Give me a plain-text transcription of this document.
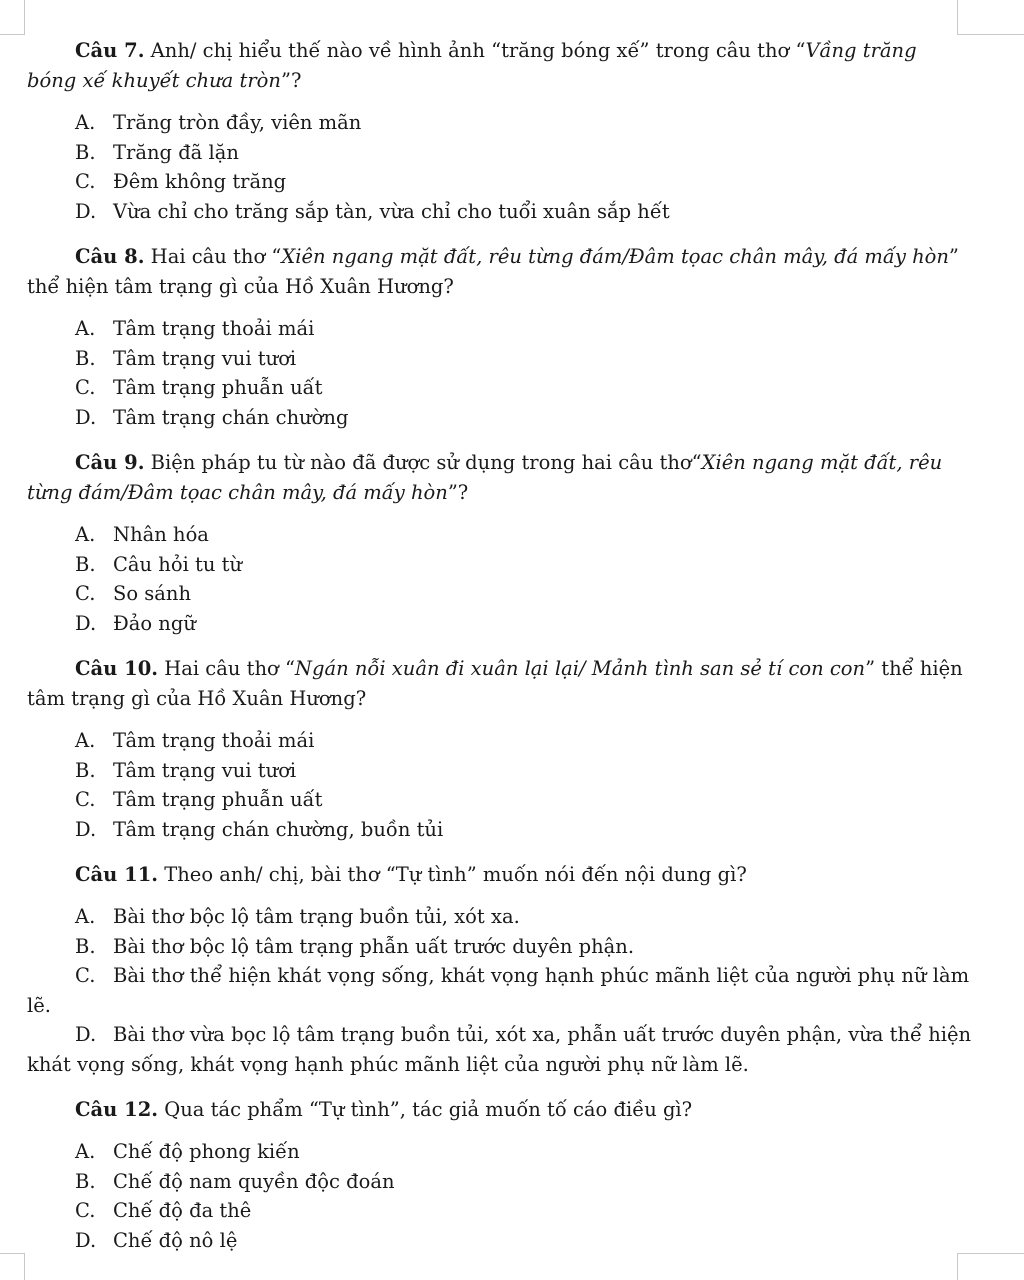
Câu 7. Anh/ chị hiểu thế nào về hình ảnh “trăng bóng xế” trong câu thơ “Vầng trăng bóng xế khuyết chưa tròn”?

A. Trăng tròn đầy, viên mãn
B. Trăng đã lặn
C. Đêm không trăng
D. Vừa chỉ cho trăng sắp tàn, vừa chỉ cho tuổi xuân sắp hết

Câu 8. Hai câu thơ “Xiên ngang mặt đất, rêu từng đám/Đâm tọac chân mây, đá mấy hòn” thể hiện tâm trạng gì của Hồ Xuân Hương?

A. Tâm trạng thoải mái
B. Tâm trạng vui tươi
C. Tâm trạng phuẫn uất
D. Tâm trạng chán chường

Câu 9. Biện pháp tu từ nào đã được sử dụng trong hai câu thơ“Xiên ngang mặt đất, rêu từng đám/Đâm tọac chân mây, đá mấy hòn”?

A. Nhân hóa
B. Câu hỏi tu từ
C. So sánh
D. Đảo ngữ

Câu 10. Hai câu thơ “Ngán nỗi xuân đi xuân lại lại/ Mảnh tình san sẻ tí con con” thể hiện tâm trạng gì của Hồ Xuân Hương?

A. Tâm trạng thoải mái
B. Tâm trạng vui tươi
C. Tâm trạng phuẫn uất
D. Tâm trạng chán chường, buồn tủi

Câu 11. Theo anh/ chị, bài thơ “Tự tình” muốn nói đến nội dung gì?

A. Bài thơ bộc lộ tâm trạng buồn tủi, xót xa.
B. Bài thơ bộc lộ tâm trạng phẫn uất trước duyên phận.
C. Bài thơ thể hiện khát vọng sống, khát vọng hạnh phúc mãnh liệt của người phụ nữ làm lẽ.
D. Bài thơ vừa bọc lộ tâm trạng buồn tủi, xót xa, phẫn uất trước duyên phận, vừa thể hiện khát vọng sống, khát vọng hạnh phúc mãnh liệt của người phụ nữ làm lẽ.

Câu 12. Qua tác phẩm “Tự tình”, tác giả muốn tố cáo điều gì?

A. Chế độ phong kiến
B. Chế độ nam quyền độc đoán
C. Chế độ đa thê
D. Chế độ nô lệ
